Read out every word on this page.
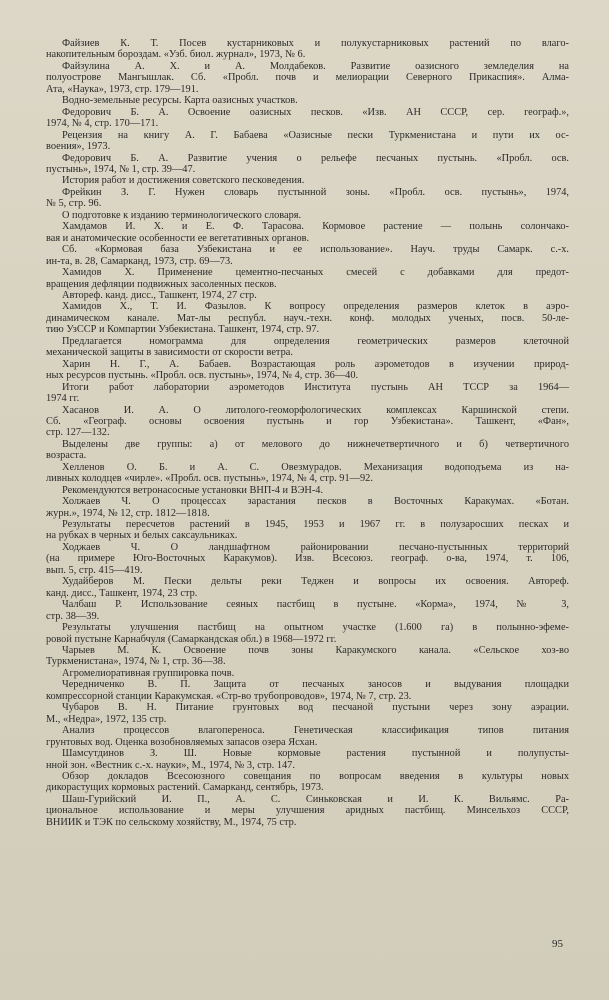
Файзиев К. Т. Посев кустарниковых и полукустарниковых растений по влаго-
накопительным бороздам. «Узб. биол. журнал», 1973, № 6.

Файзулина А. Х. и А. Молдабеков. Развитие оазисного земледелия на
полуострове Мангышлак. Сб. «Пробл. почв и мелиорации Северного Прикаспия». Алма-
Ата, «Наука», 1973, стр. 179—191.

Водно-земельные ресурсы. Карта оазисных участков.

Федорович Б. А. Освоение оазисных песков. «Изв. АН СССР, сер. географ.»,
1974, № 4, стр. 170—171.

Рецензия на книгу А. Г. Бабаева «Оазисные пески Туркменистана и пути их ос-
воения», 1973.

Федорович Б. А. Развитие учения о рельефе песчаных пустынь. «Пробл. осв.
пустынь», 1974, № 1, стр. 39—47.

История работ и достижения советского песковедения.

Фрейкин З. Г. Нужен словарь пустынной зоны. «Пробл. осв. пустынь», 1974,
№ 5, стр. 96.

О подготовке к изданию терминологического словаря.

Хамдамов И. Х. и Е. Ф. Тарасова. Кормовое растение — полынь солончако-
вая и анатомические особенности ее вегетативных органов.

Сб. «Кормовая база Узбекистана и ее использование». Науч. труды Самарк. с.-х.
ин-та, в. 28, Самарканд, 1973, стр. 69—73.

Хамидов Х. Применение цементно-песчаных смесей с добавками для предот-
вращения дефляции подвижных засоленных песков.

Автореф. канд. дисс., Ташкент, 1974, 27 стр.

Хамидов Х., Т. И. Фазылов. К вопросу определения размеров клеток в аэро-
динамическом канале. Мат-лы республ. науч.-техн. конф. молодых ученых, посв. 50-ле-
тию УзССР и Компартии Узбекистана. Ташкент, 1974, стр. 97.

Предлагается номограмма для определения геометрических размеров клеточной
механической защиты в зависимости от скорости ветра.

Харин Н. Г., А. Бабаев. Возрастающая роль аэрометодов в изучении природ-
ных ресурсов пустынь. «Пробл. осв. пустынь», 1974, № 4, стр. 36—40.

Итоги работ лаборатории аэрометодов Института пустынь АН ТССР за 1964—
1974 гг.

Хасанов И. А. О литолого-геоморфологических комплексах Каршинской степи.
Сб. «Географ. основы освоения пустынь и гор Узбекистана». Ташкент, «Фан»,
стр. 127—132.

Выделены две группы: а) от мелового до нижнечетвертичного и б) четвертичного
возраста.

Хелленов О. Б. и А. С. Овезмурадов. Механизация водоподъема из на-
ливных колодцев «чирле». «Пробл. осв. пустынь», 1974, № 4, стр. 91—92.

Рекомендуются ветронасосные установки ВНП-4 и ВЭН-4.

Холжаев Ч. О процессах зарастания песков в Восточных Каракумах. «Ботан.
журн.», 1974, № 12, стр. 1812—1818.

Результаты пересчетов растений в 1945, 1953 и 1967 гг. в полузаросших песках и
на рубках в черных и белых саксаульниках.

Ходжаев Ч. О ландшафтном районировании песчано-пустынных территорий
(на примере Юго-Восточных Каракумов). Изв. Всесоюз. географ. о-ва, 1974, т. 106,
вып. 5, стр. 415—419.

Худайберов М. Пески дельты реки Теджен и вопросы их освоения. Автореф.
канд. дисс., Ташкент, 1974, 23 стр.

Чалбаш Р. Использование сеяных пастбищ в пустыне. «Корма», 1974, № 3,
стр. 38—39.

Результаты улучшения пастбищ на опытном участке (1.600 га) в полынно-эфеме-
ровой пустыне Карнабчуля (Самаркандская обл.) в 1968—1972 гг.

Чарыев М. К. Освоение почв зоны Каракумского канала. «Сельское хоз-во
Туркменистана», 1974, № 1, стр. 36—38.

Агромелиоративная группировка почв.

Чередниченко В. П. Защита от песчаных заносов и выдувания площадки
компрессорной станции Каракумская. «Стр-во трубопроводов», 1974, № 7, стр. 23.

Чубаров В. Н. Питание грунтовых вод песчаной пустыни через зону аэрации.
М., «Недра», 1972, 135 стр.

Анализ процессов влагопереноса. Генетическая классификация типов питания
грунтовых вод. Оценка возобновляемых запасов озера Ясхан.

Шамсутдинов З. Ш. Новые кормовые растения пустынной и полупусты-
нной зон. «Вестник с.-х. науки», М., 1974, № 3, стр. 147.

Обзор докладов Всесоюзного совещания по вопросам введения в культуры новых
дикорастущих кормовых растений. Самарканд, сентябрь, 1973.

Шаш-Гурийский И. П., А. С. Синьковская и И. К. Вильямс. Ра-
циональное использование и меры улучшения аридных пастбищ. Минсельхоз СССР,
ВНИИК и ТЭК по сельскому хозяйству, М., 1974, 75 стр.

95
